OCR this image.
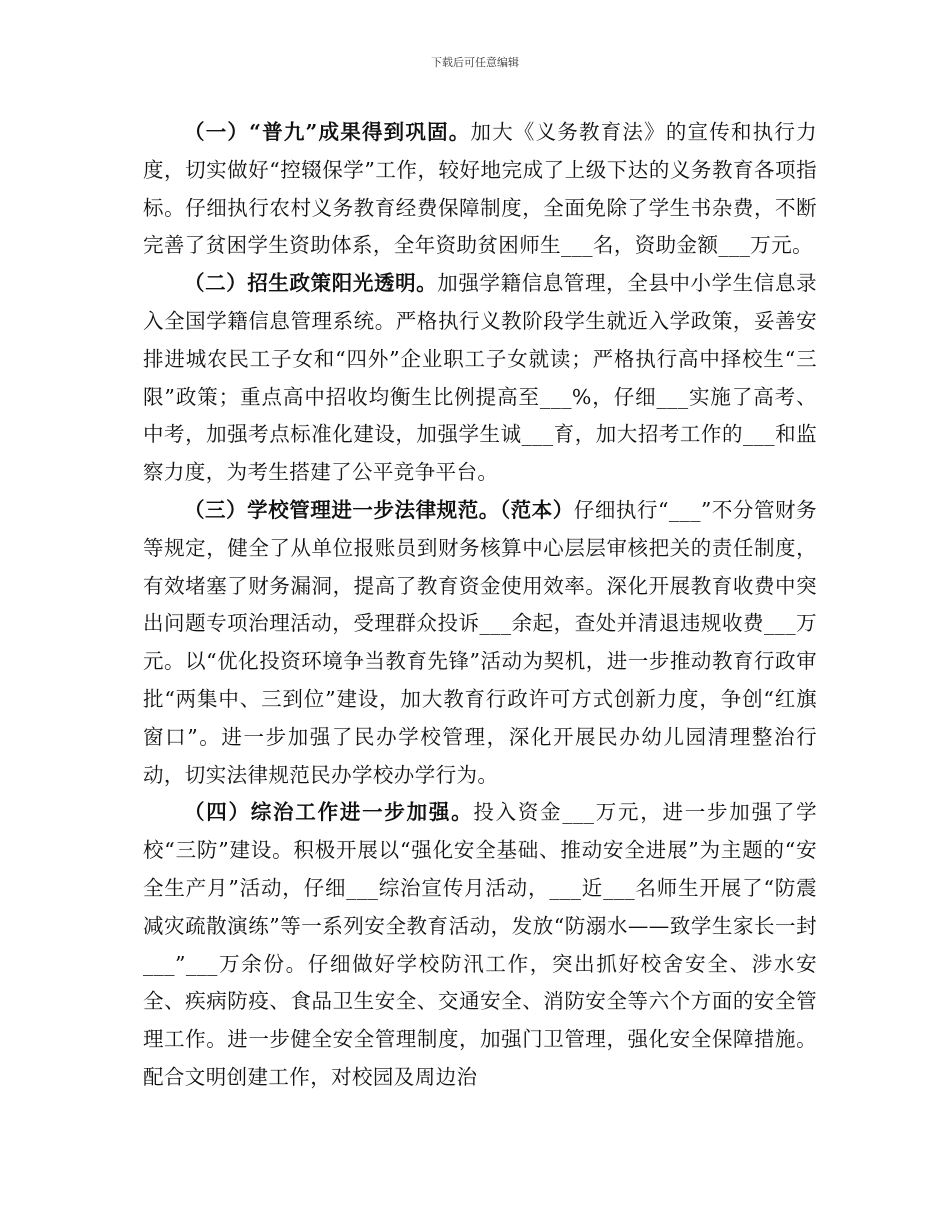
下载后可任意编辑

（一）“普九”成果得到巩固。加大《义务教育法》的宣传和执行力度，切实做好“控辍保学”工作，较好地完成了上级下达的义务教育各项指标。仔细执行农村义务教育经费保障制度，全面免除了学生书杂费，不断完善了贫困学生资助体系，全年资助贫困师生___名，资助金额___万元。

（二）招生政策阳光透明。加强学籍信息管理，全县中小学生信息录入全国学籍信息管理系统。严格执行义教阶段学生就近入学政策，妥善安排进城农民工子女和“四外”企业职工子女就读；严格执行高中择校生“三限”政策；重点高中招收均衡生比例提高至___%，仔细___实施了高考、中考，加强考点标准化建设，加强学生诚___育，加大招考工作的___和监察力度，为考生搭建了公平竞争平台。

（三）学校管理进一步法律规范。（范本）仔细执行“___”不分管财务等规定，健全了从单位报账员到财务核算中心层层审核把关的责任制度，有效堵塞了财务漏洞，提高了教育资金使用效率。深化开展教育收费中突出问题专项治理活动，受理群众投诉___余起，查处并清退违规收费___万元。以“优化投资环境争当教育先锋”活动为契机，进一步推动教育行政审批“两集中、三到位”建设，加大教育行政许可方式创新力度，争创“红旗窗口”。进一步加强了民办学校管理，深化开展民办幼儿园清理整治行动，切实法律规范民办学校办学行为。

（四）综治工作进一步加强。投入资金___万元，进一步加强了学校“三防”建设。积极开展以“强化安全基础、推动安全进展”为主题的“安全生产月”活动，仔细___综治宣传月活动，___近___名师生开展了“防震减灾疏散演练”等一系列安全教育活动，发放“防溺水——致学生家长一封___”___万余份。仔细做好学校防汛工作，突出抓好校舍安全、涉水安全、疾病防疫、食品卫生安全、交通安全、消防安全等六个方面的安全管理工作。进一步健全安全管理制度，加强门卫管理，强化安全保障措施。配合文明创建工作，对校园及周边治
